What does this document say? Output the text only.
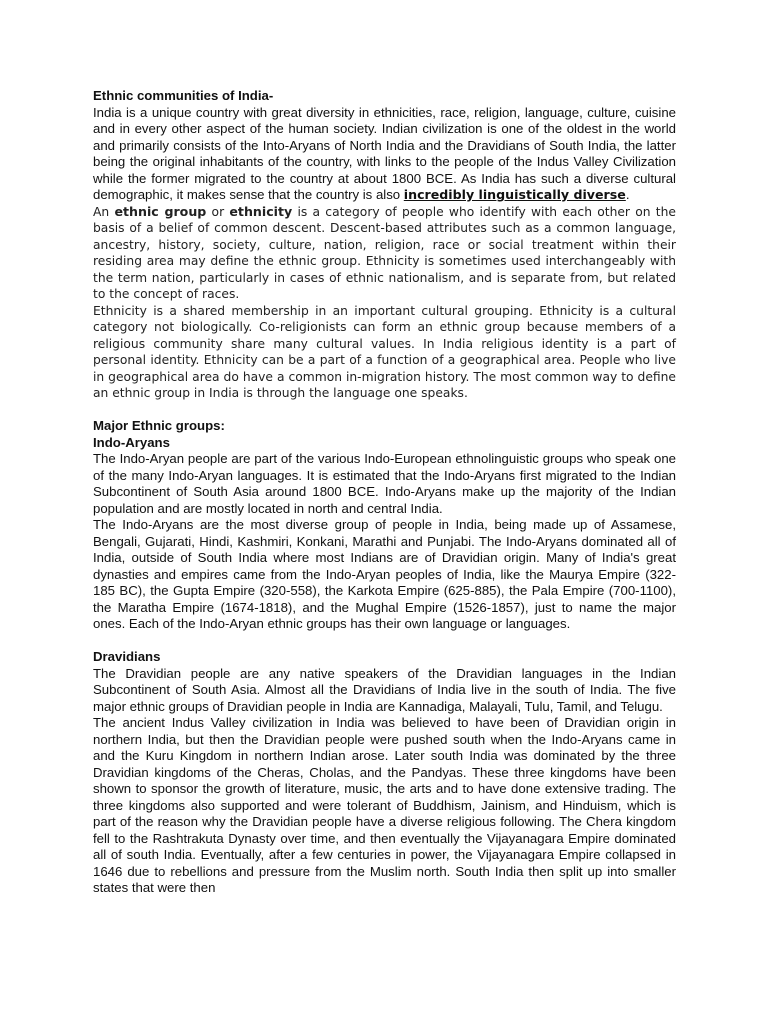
Ethnic communities of India-

India is a unique country with great diversity in ethnicities, race, religion, language, culture, cuisine and in every other aspect of the human society. Indian civilization is one of the oldest in the world and primarily consists of the Into-Aryans of North India and the Dravidians of South India, the latter being the original inhabitants of the country, with links to the people of the Indus Valley Civilization while the former migrated to the country at about 1800 BCE. As India has such a diverse cultural demographic, it makes sense that the country is also incredibly linguistically diverse.

An ethnic group or ethnicity is a category of people who identify with each other on the basis of a belief of common descent. Descent-based attributes such as a common language, ancestry, history, society, culture, nation, religion, race or social treatment within their residing area may define the ethnic group. Ethnicity is sometimes used interchangeably with the term nation, particularly in cases of ethnic nationalism, and is separate from, but related to the concept of races.

Ethnicity is a shared membership in an important cultural grouping. Ethnicity is a cultural category not biologically. Co-religionists can form an ethnic group because members of a religious community share many cultural values. In India religious identity is a part of personal identity. Ethnicity can be a part of a function of a geographical area. People who live in geographical area do have a common in-migration history. The most common way to define an ethnic group in India is through the language one speaks.

Major Ethnic groups:

Indo-Aryans

The Indo-Aryan people are part of the various Indo-European ethnolinguistic groups who speak one of the many Indo-Aryan languages. It is estimated that the Indo-Aryans first migrated to the Indian Subcontinent of South Asia around 1800 BCE. Indo-Aryans make up the majority of the Indian population and are mostly located in north and central India.

The Indo-Aryans are the most diverse group of people in India, being made up of Assamese, Bengali, Gujarati, Hindi, Kashmiri, Konkani, Marathi and Punjabi. The Indo-Aryans dominated all of India, outside of South India where most Indians are of Dravidian origin. Many of India's great dynasties and empires came from the Indo-Aryan peoples of India, like the Maurya Empire (322-185 BC), the Gupta Empire (320-558), the Karkota Empire (625-885), the Pala Empire (700-1100), the Maratha Empire (1674-1818), and the Mughal Empire (1526-1857), just to name the major ones. Each of the Indo-Aryan ethnic groups has their own language or languages.

Dravidians

The Dravidian people are any native speakers of the Dravidian languages in the Indian Subcontinent of South Asia. Almost all the Dravidians of India live in the south of India. The five major ethnic groups of Dravidian people in India are Kannadiga, Malayali, Tulu, Tamil, and Telugu.

The ancient Indus Valley civilization in India was believed to have been of Dravidian origin in northern India, but then the Dravidian people were pushed south when the Indo-Aryans came in and the Kuru Kingdom in northern Indian arose. Later south India was dominated by the three Dravidian kingdoms of the Cheras, Cholas, and the Pandyas. These three kingdoms have been shown to sponsor the growth of literature, music, the arts and to have done extensive trading. The three kingdoms also supported and were tolerant of Buddhism, Jainism, and Hinduism, which is part of the reason why the Dravidian people have a diverse religious following. The Chera kingdom fell to the Rashtrakuta Dynasty over time, and then eventually the Vijayanagara Empire dominated all of south India. Eventually, after a few centuries in power, the Vijayanagara Empire collapsed in 1646 due to rebellions and pressure from the Muslim north. South India then split up into smaller states that were then
